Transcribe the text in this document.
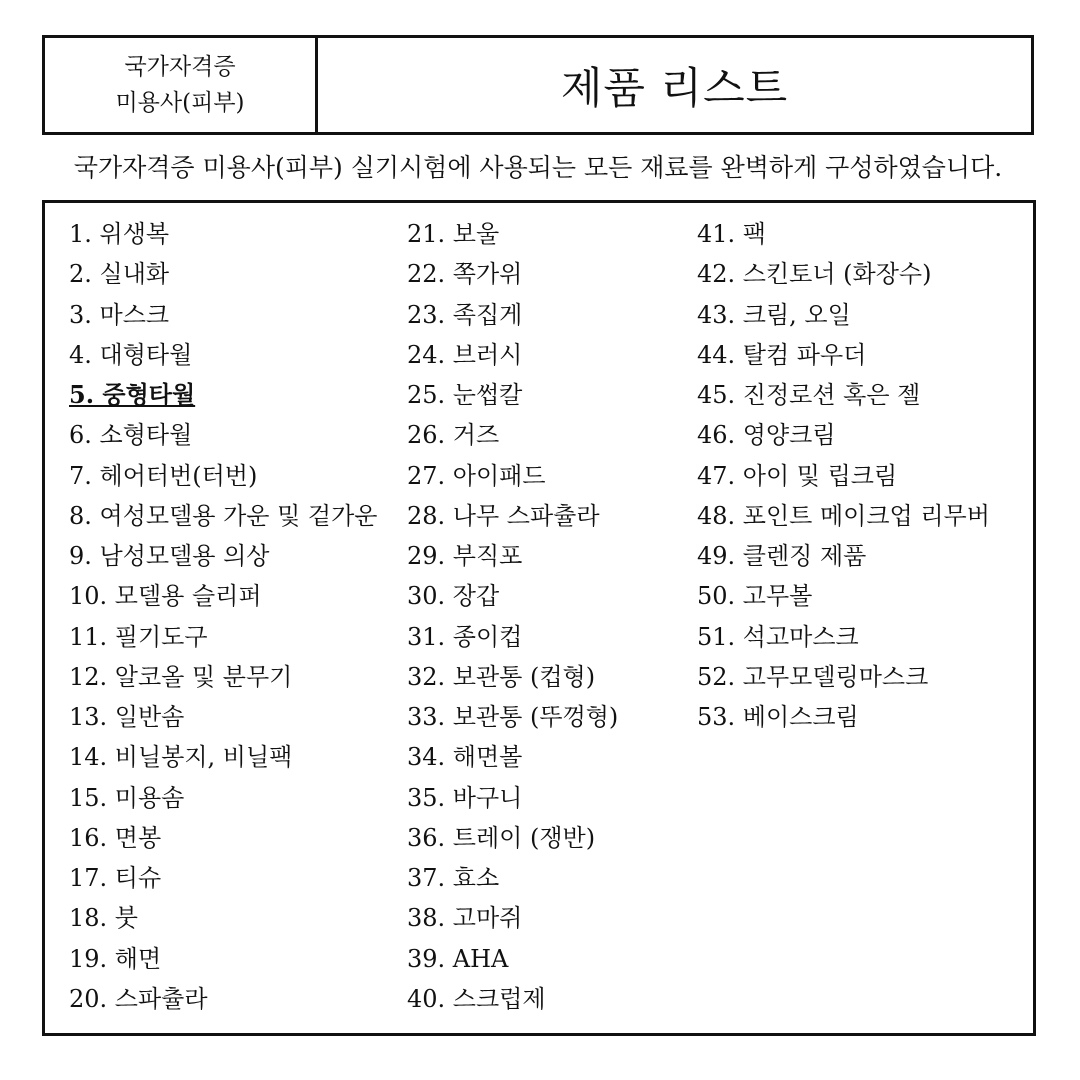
국가자격증
미용사(피부)	제품 리스트
국가자격증 미용사(피부) 실기시험에 사용되는 모든 재료를 완벽하게 구성하였습니다.
1. 위생복
2. 실내화
3. 마스크
4. 대형타월
5. 중형타월
6. 소형타월
7. 헤어터번(터번)
8. 여성모델용 가운 및 겉가운
9. 남성모델용 의상
10. 모델용 슬리퍼
11. 필기도구
12. 알코올 및 분무기
13. 일반솜
14. 비닐봉지, 비닐팩
15. 미용솜
16. 면봉
17. 티슈
18. 붓
19. 해면
20. 스파츌라
21. 보울
22. 쪽가위
23. 족집게
24. 브러시
25. 눈썹칼
26. 거즈
27. 아이패드
28. 나무 스파츌라
29. 부직포
30. 장갑
31. 종이컵
32. 보관통 (컵형)
33. 보관통 (뚜껑형)
34. 해면볼
35. 바구니
36. 트레이 (쟁반)
37. 효소
38. 고마쥐
39. AHA
40. 스크럽제
41. 팩
42. 스킨토너 (화장수)
43. 크림, 오일
44. 탈컴 파우더
45. 진정로션 혹은 젤
46. 영양크림
47. 아이 및 립크림
48. 포인트 메이크업 리무버
49. 클렌징 제품
50. 고무볼
51. 석고마스크
52. 고무모델링마스크
53. 베이스크림
